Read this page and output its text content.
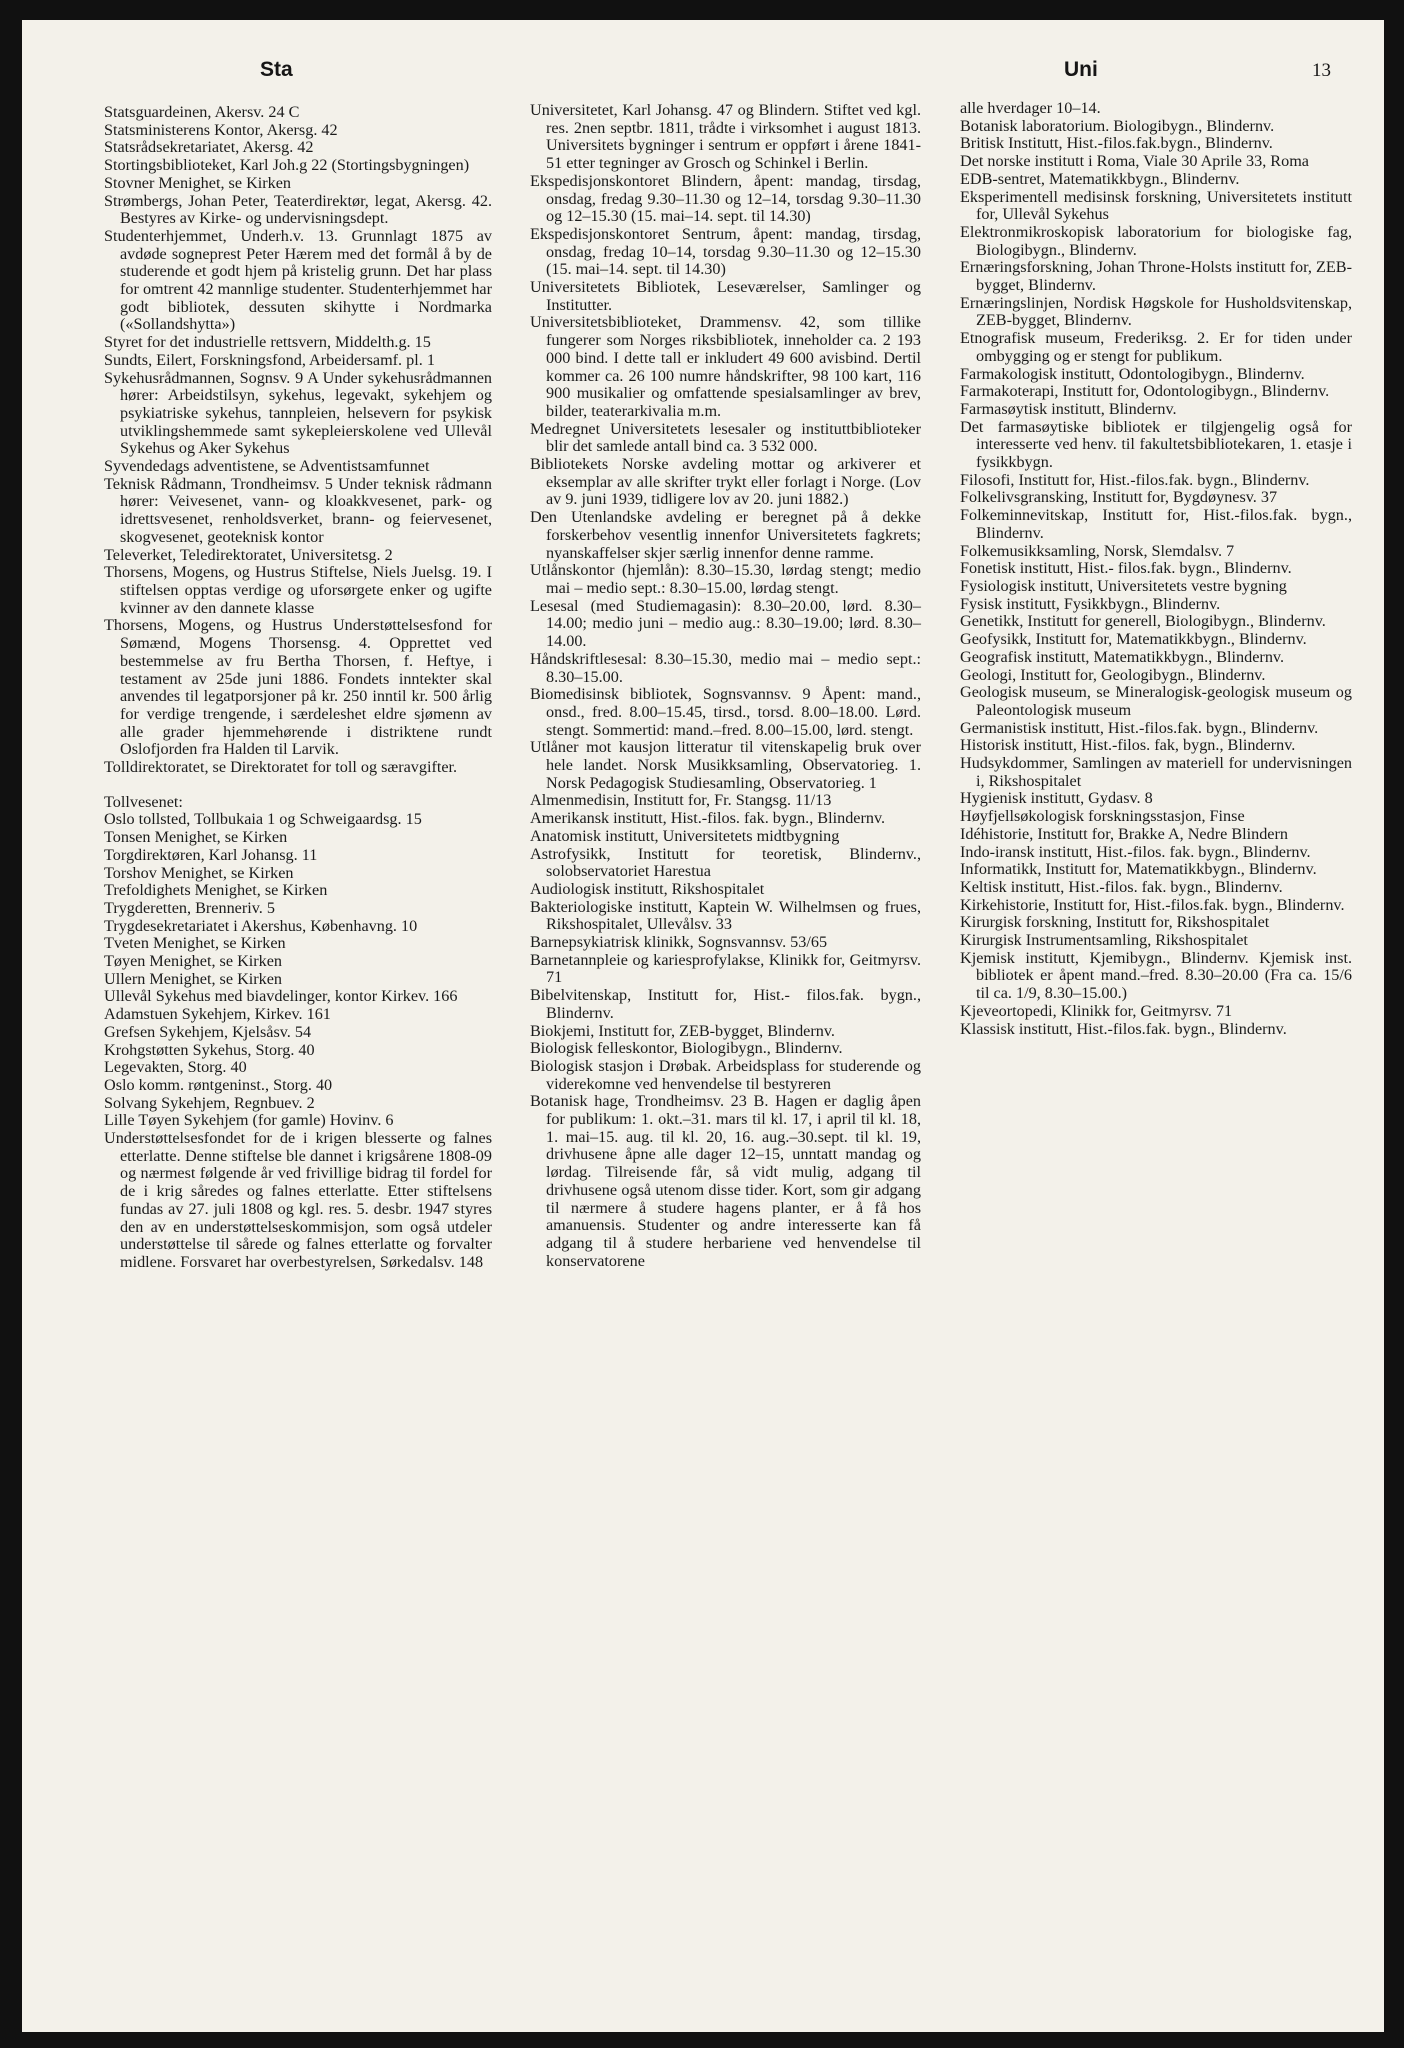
Sta	Uni	13

Statsguardeinen, Akersv. 24 C

Statsministerens Kontor, Akersg. 42

Statsrådsekretariatet, Akersg. 42

Stortingsbiblioteket, Karl Joh.g 22 (Stortingsbygningen)

Stovner Menighet, se Kirken

Strømbergs, Johan Peter, Teaterdirektør, legat, Akersg. 42. Bestyres av Kirke- og undervisningsdept.

Studenterhjemmet, Underh.v. 13. Grunnlagt 1875 av avdøde sogneprest Peter Hærem med det formål å by de studerende et godt hjem på kristelig grunn. Det har plass for omtrent 42 mannlige studenter. Studenterhjemmet har godt bibliotek, dessuten skihytte i Nordmarka («Sollandshytta»)

Styret for det industrielle rettsvern, Middelth.g. 15

Sundts, Eilert, Forskningsfond, Arbeidersamf. pl. 1

Sykehusrådmannen, Sognsv. 9 A Under sykehusrådmannen hører: Arbeidstilsyn, sykehus, legevakt, sykehjem og psykiatriske sykehus, tannpleien, helsevern for psykisk utviklingshemmede samt sykepleierskolene ved Ullevål Sykehus og Aker Sykehus

Syvendedags adventistene, se Adventistsamfunnet

Teknisk Rådmann, Trondheimsv. 5 Under teknisk rådmann hører: Veivesenet, vann- og kloakkvesenet, park- og idrettsvesenet, renholdsverket, brann- og feiervesenet, skogvesenet, geoteknisk kontor

Televerket, Teledirektoratet, Universitetsg. 2

Thorsens, Mogens, og Hustrus Stiftelse, Niels Juelsg. 19. I stiftelsen opptas verdige og uforsørgete enker og ugifte kvinner av den dannete klasse

Thorsens, Mogens, og Hustrus Understøttelsesfond for Sømænd, Mogens Thorsensg. 4. Opprettet ved bestemmelse av fru Bertha Thorsen, f. Heftye, i testament av 25de juni 1886. Fondets inntekter skal anvendes til legatporsjoner på kr. 250 inntil kr. 500 årlig for verdige trengende, i særdeleshet eldre sjømenn av alle grader hjemmehørende i distriktene rundt Oslofjorden fra Halden til Larvik.

Tolldirektoratet, se Direktoratet for toll og særavgifter.

Tollvesenet:

Oslo tollsted, Tollbukaia 1 og Schweigaardsg. 15

Tonsen Menighet, se Kirken

Torgdirektøren, Karl Johansg. 11

Torshov Menighet, se Kirken

Trefoldighets Menighet, se Kirken

Trygderetten, Brenneriv. 5

Trygdesekretariatet i Akershus, Københavng. 10

Tveten Menighet, se Kirken

Tøyen Menighet, se Kirken

Ullern Menighet, se Kirken

Ullevål Sykehus med biavdelinger, kontor Kirkev. 166

Adamstuen Sykehjem, Kirkev. 161

Grefsen Sykehjem, Kjelsåsv. 54

Krohgstøtten Sykehus, Storg. 40

Legevakten, Storg. 40

Oslo komm. røntgeninst., Storg. 40

Solvang Sykehjem, Regnbuev. 2

Lille Tøyen Sykehjem (for gamle) Hovinv. 6

Understøttelsesfondet for de i krigen blesserte og falnes etterlatte. Denne stiftelse ble dannet i krigsårene 1808-09 og nærmest følgende år ved frivillige bidrag til fordel for de i krig såredes og falnes etterlatte. Etter stiftelsens fundas av 27. juli 1808 og kgl. res. 5. desbr. 1947 styres den av en understøttelseskommisjon, som også utdeler understøttelse til sårede og falnes etterlatte og forvalter midlene. Forsvaret har overbestyrelsen, Sørkedalsv. 148

Universitetet, Karl Johansg. 47 og Blindern. Stiftet ved kgl. res. 2nen septbr. 1811, trådte i virksomhet i august 1813. Universitets bygninger i sentrum er oppført i årene 1841-51 etter tegninger av Grosch og Schinkel i Berlin.

Ekspedisjonskontoret Blindern, åpent: mandag, tirsdag, onsdag, fredag 9.30–11.30 og 12–14, torsdag 9.30–11.30 og 12–15.30 (15. mai–14. sept. til 14.30)

Ekspedisjonskontoret Sentrum, åpent: mandag, tirsdag, onsdag, fredag 10–14, torsdag 9.30–11.30 og 12–15.30 (15. mai–14. sept. til 14.30)

Universitetets Bibliotek, Leseværelser, Samlinger og Institutter.

Universitetsbiblioteket, Drammensv. 42, som tillike fungerer som Norges riksbibliotek, inneholder ca. 2 193 000 bind. I dette tall er inkludert 49 600 avisbind. Dertil kommer ca. 26 100 numre håndskrifter, 98 100 kart, 116 900 musikalier og omfattende spesialsamlinger av brev, bilder, teaterarkivalia m.m.

Medregnet Universitetets lesesaler og instituttbiblioteker blir det samlede antall bind ca. 3 532 000.

Bibliotekets Norske avdeling mottar og arkiverer et eksemplar av alle skrifter trykt eller forlagt i Norge. (Lov av 9. juni 1939, tidligere lov av 20. juni 1882.)

Den Utenlandske avdeling er beregnet på å dekke forskerbehov vesentlig innenfor Universitetets fagkrets; nyanskaffelser skjer særlig innenfor denne ramme.

Utlånskontor (hjemlån): 8.30–15.30, lørdag stengt; medio mai – medio sept.: 8.30–15.00, lørdag stengt.

Lesesal (med Studiemagasin): 8.30–20.00, lørd. 8.30–14.00; medio juni – medio aug.: 8.30–19.00; lørd. 8.30–14.00.

Håndskriftlesesal: 8.30–15.30, medio mai – medio sept.: 8.30–15.00.

Biomedisinsk bibliotek, Sognsvannsv. 9 Åpent: mand., onsd., fred. 8.00–15.45, tirsd., torsd. 8.00–18.00. Lørd. stengt. Sommertid: mand.–fred. 8.00–15.00, lørd. stengt.

Utlåner mot kausjon litteratur til vitenskapelig bruk over hele landet. Norsk Musikksamling, Observatorieg. 1. Norsk Pedagogisk Studiesamling, Observatorieg. 1

Almenmedisin, Institutt for, Fr. Stangsg. 11/13

Amerikansk institutt, Hist.-filos. fak. bygn., Blindernv.

Anatomisk institutt, Universitetets midtbygning

Astrofysikk, Institutt for teoretisk, Blindernv., solobservatoriet Harestua

Audiologisk institutt, Rikshospitalet

Bakteriologiske institutt, Kaptein W. Wilhelmsen og frues, Rikshospitalet, Ullevålsv. 33

Barnepsykiatrisk klinikk, Sognsvannsv. 53/65

Barnetannpleie og kariesprofylakse, Klinikk for, Geitmyrsv. 71

Bibelvitenskap, Institutt for, Hist.- filos.fak. bygn., Blindernv.

Biokjemi, Institutt for, ZEB-bygget, Blindernv.

Biologisk felleskontor, Biologibygn., Blindernv.

Biologisk stasjon i Drøbak. Arbeidsplass for studerende og viderekomne ved henvendelse til bestyreren

Botanisk hage, Trondheimsv. 23 B. Hagen er daglig åpen for publikum: 1. okt.–31. mars til kl. 17, i april til kl. 18, 1. mai–15. aug. til kl. 20, 16. aug.–30.sept. til kl. 19, drivhusene åpne alle dager 12–15, unntatt mandag og lørdag. Tilreisende får, så vidt mulig, adgang til drivhusene også utenom disse tider. Kort, som gir adgang til nærmere å studere hagens planter, er å få hos amanuensis. Studenter og andre interesserte kan få adgang til å studere herbariene ved henvendelse til konservatorene

alle hverdager 10–14.

Botanisk laboratorium. Biologibygn., Blindernv.

Britisk Institutt, Hist.-filos.fak.bygn., Blindernv.

Det norske institutt i Roma, Viale 30 Aprile 33, Roma

EDB-sentret, Matematikkbygn., Blindernv.

Eksperimentell medisinsk forskning, Universitetets institutt for, Ullevål Sykehus

Elektronmikroskopisk laboratorium for biologiske fag, Biologibygn., Blindernv.

Ernæringsforskning, Johan Throne-Holsts institutt for, ZEB-bygget, Blindernv.

Ernæringslinjen, Nordisk Høgskole for Husholdsvitenskap, ZEB-bygget, Blindernv.

Etnografisk museum, Frederiksg. 2. Er for tiden under ombygging og er stengt for publikum.

Farmakologisk institutt, Odontologibygn., Blindernv.

Farmakoterapi, Institutt for, Odontologibygn., Blindernv.

Farmasøytisk institutt, Blindernv.

Det farmasøytiske bibliotek er tilgjengelig også for interesserte ved henv. til fakultetsbibliotekaren, 1. etasje i fysikkbygn.

Filosofi, Institutt for, Hist.-filos.fak. bygn., Blindernv.

Folkelivsgransking, Institutt for, Bygdøynesv. 37

Folkeminnevitskap, Institutt for, Hist.-filos.fak. bygn., Blindernv.

Folkemusikksamling, Norsk, Slemdalsv. 7

Fonetisk institutt, Hist.- filos.fak. bygn., Blindernv.

Fysiologisk institutt, Universitetets vestre bygning

Fysisk institutt, Fysikkbygn., Blindernv.

Genetikk, Institutt for generell, Biologibygn., Blindernv.

Geofysikk, Institutt for, Matematikkbygn., Blindernv.

Geografisk institutt, Matematikkbygn., Blindernv.

Geologi, Institutt for, Geologibygn., Blindernv.

Geologisk museum, se Mineralogisk-geologisk museum og Paleontologisk museum

Germanistisk institutt, Hist.-filos.fak. bygn., Blindernv.

Historisk institutt, Hist.-filos. fak, bygn., Blindernv.

Hudsykdommer, Samlingen av materiell for undervisningen i, Rikshospitalet

Hygienisk institutt, Gydasv. 8

Høyfjellsøkologisk forskningsstasjon, Finse

Idéhistorie, Institutt for, Brakke A, Nedre Blindern

Indo-iransk institutt, Hist.-filos. fak. bygn., Blindernv.

Informatikk, Institutt for, Matematikkbygn., Blindernv.

Keltisk institutt, Hist.-filos. fak. bygn., Blindernv.

Kirkehistorie, Institutt for, Hist.-filos.fak. bygn., Blindernv.

Kirurgisk forskning, Institutt for, Rikshospitalet

Kirurgisk Instrumentsamling, Rikshospitalet

Kjemisk institutt, Kjemibygn., Blindernv. Kjemisk inst. bibliotek er åpent mand.–fred. 8.30–20.00 (Fra ca. 15/6 til ca. 1/9, 8.30–15.00.)

Kjeveortopedi, Klinikk for, Geitmyrsv. 71

Klassisk institutt, Hist.-filos.fak. bygn., Blindernv.
